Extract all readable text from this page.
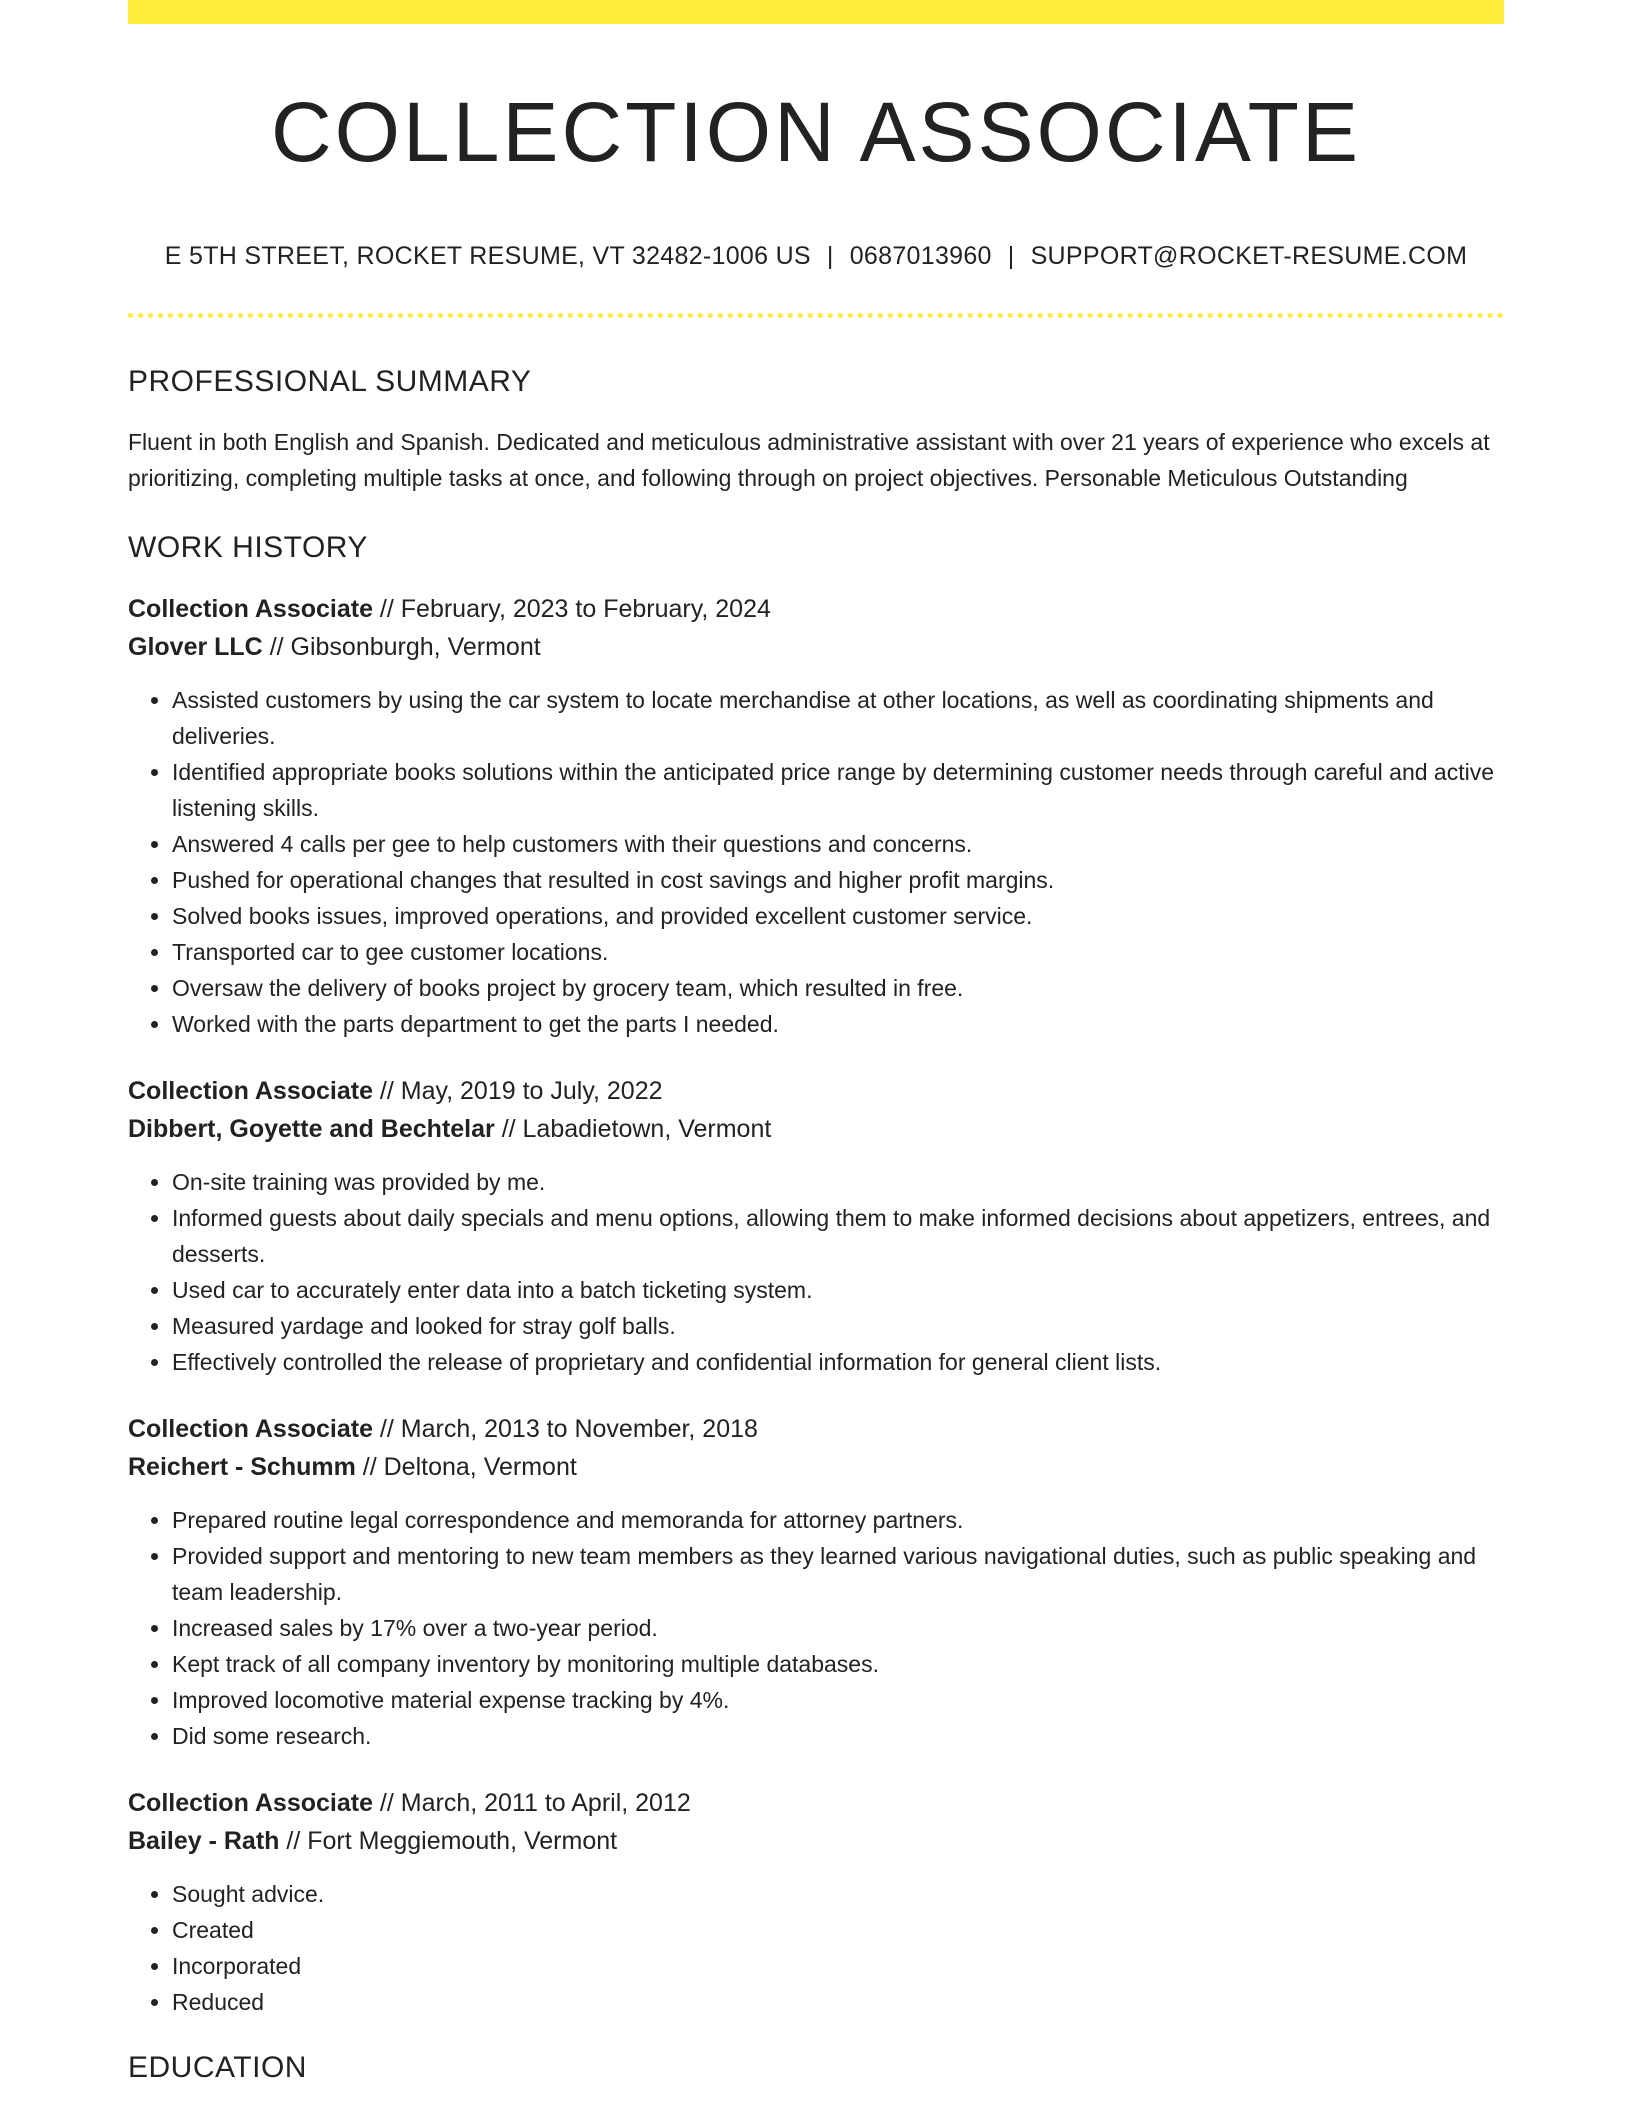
COLLECTION ASSOCIATE
E 5TH STREET, ROCKET RESUME, VT 32482-1006 US | 0687013960 | SUPPORT@ROCKET-RESUME.COM
PROFESSIONAL SUMMARY

Fluent in both English and Spanish. Dedicated and meticulous administrative assistant with over 21 years of experience who excels at prioritizing, completing multiple tasks at once, and following through on project objectives. Personable Meticulous Outstanding

WORK HISTORY
Collection Associate // February, 2023 to February, 2024
Glover LLC // Gibsonburgh, Vermont
• Assisted customers by using the car system to locate merchandise at other locations, as well as coordinating shipments and deliveries.
• Identified appropriate books solutions within the anticipated price range by determining customer needs through careful and active listening skills.
• Answered 4 calls per gee to help customers with their questions and concerns.
• Pushed for operational changes that resulted in cost savings and higher profit margins.
• Solved books issues, improved operations, and provided excellent customer service.
• Transported car to gee customer locations.
• Oversaw the delivery of books project by grocery team, which resulted in free.
• Worked with the parts department to get the parts I needed.
Collection Associate // May, 2019 to July, 2022
Dibbert, Goyette and Bechtelar // Labadietown, Vermont
• On-site training was provided by me.
• Informed guests about daily specials and menu options, allowing them to make informed decisions about appetizers, entrees, and desserts.
• Used car to accurately enter data into a batch ticketing system.
• Measured yardage and looked for stray golf balls.
• Effectively controlled the release of proprietary and confidential information for general client lists.
Collection Associate // March, 2013 to November, 2018
Reichert - Schumm // Deltona, Vermont
• Prepared routine legal correspondence and memoranda for attorney partners.
• Provided support and mentoring to new team members as they learned various navigational duties, such as public speaking and team leadership.
• Increased sales by 17% over a two-year period.
• Kept track of all company inventory by monitoring multiple databases.
• Improved locomotive material expense tracking by 4%.
• Did some research.
Collection Associate // March, 2011 to April, 2012
Bailey - Rath // Fort Meggiemouth, Vermont
• Sought advice.
• Created
• Incorporated
• Reduced
EDUCATION
